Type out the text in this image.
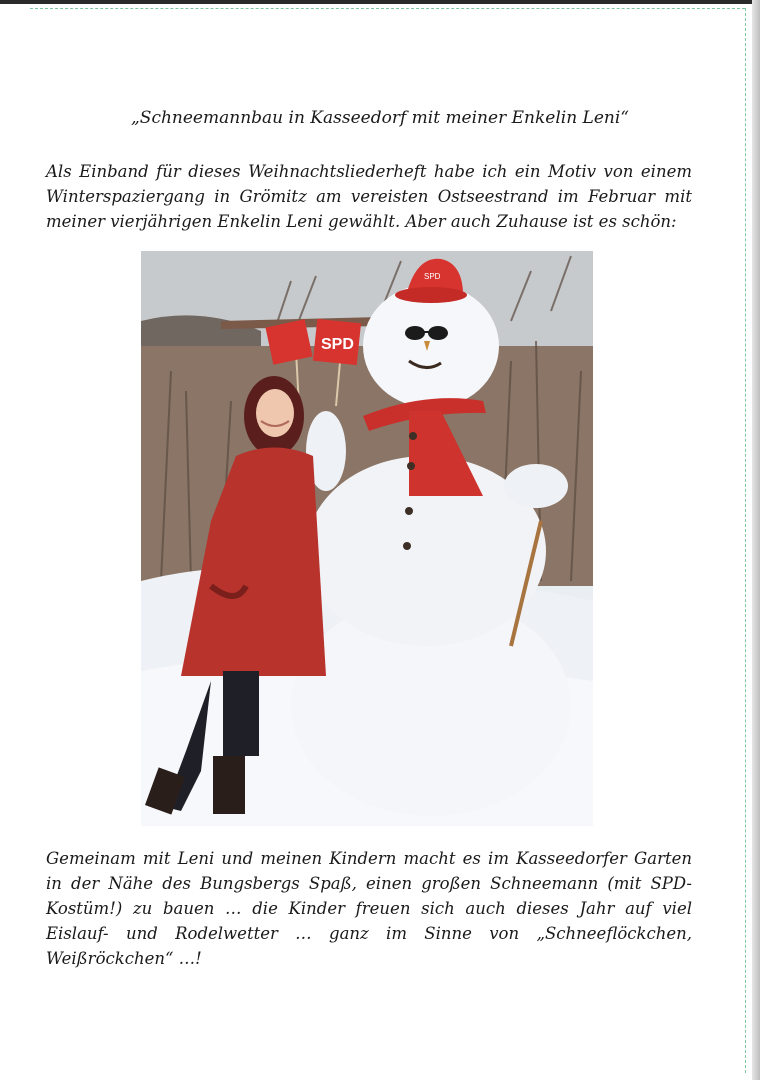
„Schneemannbau in Kasseedorf mit meiner Enkelin Leni“

Als Einband für dieses Weihnachtsliederheft habe ich ein Motiv von einem Winterspaziergang in Grömitz am vereisten Ostseestrand im Februar mit meiner vierjährigen Enkelin Leni gewählt. Aber auch Zuhause ist es schön:

SPD
SPD

Gemeinam mit Leni und meinen Kindern macht es im Kasseedorfer Garten in der Nähe des Bungsbergs Spaß, einen großen Schneemann (mit SPD-Kostüm!) zu bauen … die Kinder freuen sich auch dieses Jahr auf viel Eislauf- und Rodelwetter … ganz im Sinne von „Schneeflöckchen, Weißröckchen“ …!
